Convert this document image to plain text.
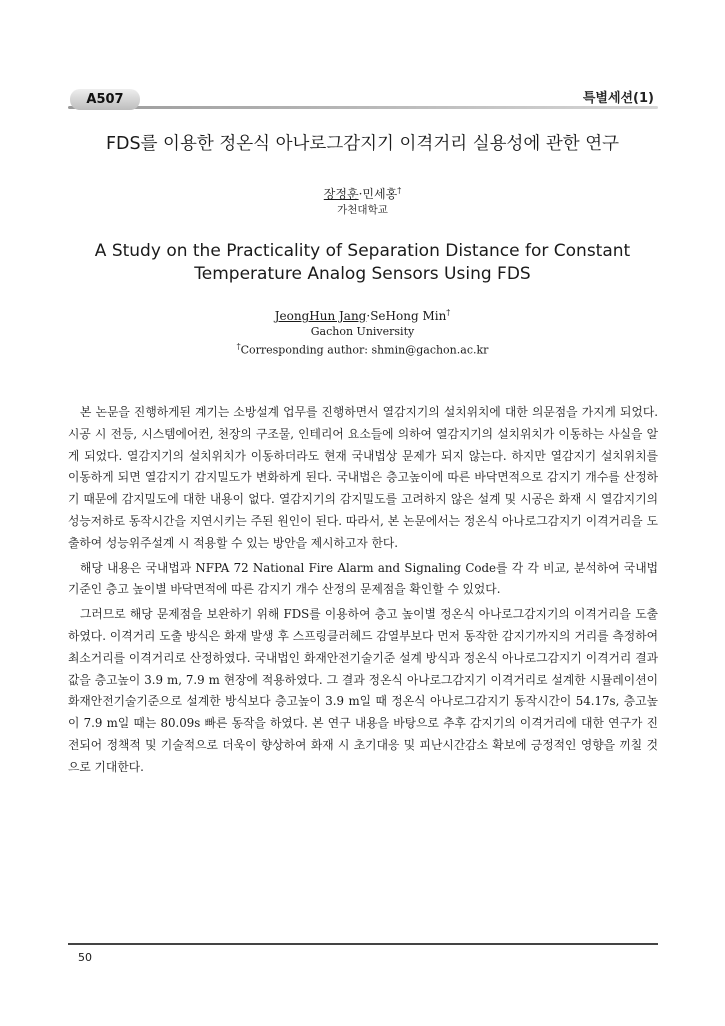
A507	특별세션(1)
FDS를 이용한 정온식 아나로그감지기 이격거리 실용성에 관한 연구
장정훈·민세홍†
가천대학교
A Study on the Practicality of Separation Distance for Constant
Temperature Analog Sensors Using FDS
JeongHun Jang·SeHong Min†
Gachon University
†Corresponding author: shmin@gachon.ac.kr

본 논문을 진행하게된 계기는 소방설계 업무를 진행하면서 열감지기의 설치위치에 대한 의문점을 가지게 되었다. 시공 시 전등, 시스템에어컨, 천장의 구조물, 인테리어 요소들에 의하여 열감지기의 설치위치가 이동하는 사실을 알게 되었다. 열감지기의 설치위치가 이동하더라도 현재 국내법상 문제가 되지 않는다. 하지만 열감지기 설치위치를 이동하게 되면 열감지기 감지밀도가 변화하게 된다. 국내법은 층고높이에 따른 바닥면적으로 감지기 개수를 산정하기 때문에 감지밀도에 대한 내용이 없다. 열감지기의 감지밀도를 고려하지 않은 설계 및 시공은 화재 시 열감지기의 성능저하로 동작시간을 지연시키는 주된 원인이 된다. 따라서, 본 논문에서는 정온식 아나로그감지기 이격거리을 도출하여 성능위주설계 시 적용할 수 있는 방안을 제시하고자 한다.

해당 내용은 국내법과 NFPA 72 National Fire Alarm and Signaling Code를 각 각 비교, 분석하여 국내법 기준인 층고 높이별 바닥면적에 따른 감지기 개수 산정의 문제점을 확인할 수 있었다.

그러므로 해당 문제점을 보완하기 위해 FDS를 이용하여 층고 높이별 정온식 아나로그감지기의 이격거리을 도출하였다. 이격거리 도출 방식은 화재 발생 후 스프링클러헤드 감열부보다 먼저 동작한 감지기까지의 거리를 측정하여 최소거리를 이격거리로 산정하였다. 국내법인 화재안전기술기준 설계 방식과 정온식 아나로그감지기 이격거리 결과값을 층고높이 3.9 m, 7.9 m 현장에 적용하였다. 그 결과 정온식 아나로그감지기 이격거리로 설계한 시뮬레이션이 화재안전기술기준으로 설계한 방식보다 층고높이 3.9 m일 때 정온식 아나로그감지기 동작시간이 54.17s, 층고높이 7.9 m일 때는 80.09s 빠른 동작을 하였다. 본 연구 내용을 바탕으로 추후 감지기의 이격거리에 대한 연구가 진전되어 정책적 및 기술적으로 더욱이 향상하여 화재 시 초기대응 및 피난시간감소 확보에 긍정적인 영향을 끼칠 것으로 기대한다.

50
